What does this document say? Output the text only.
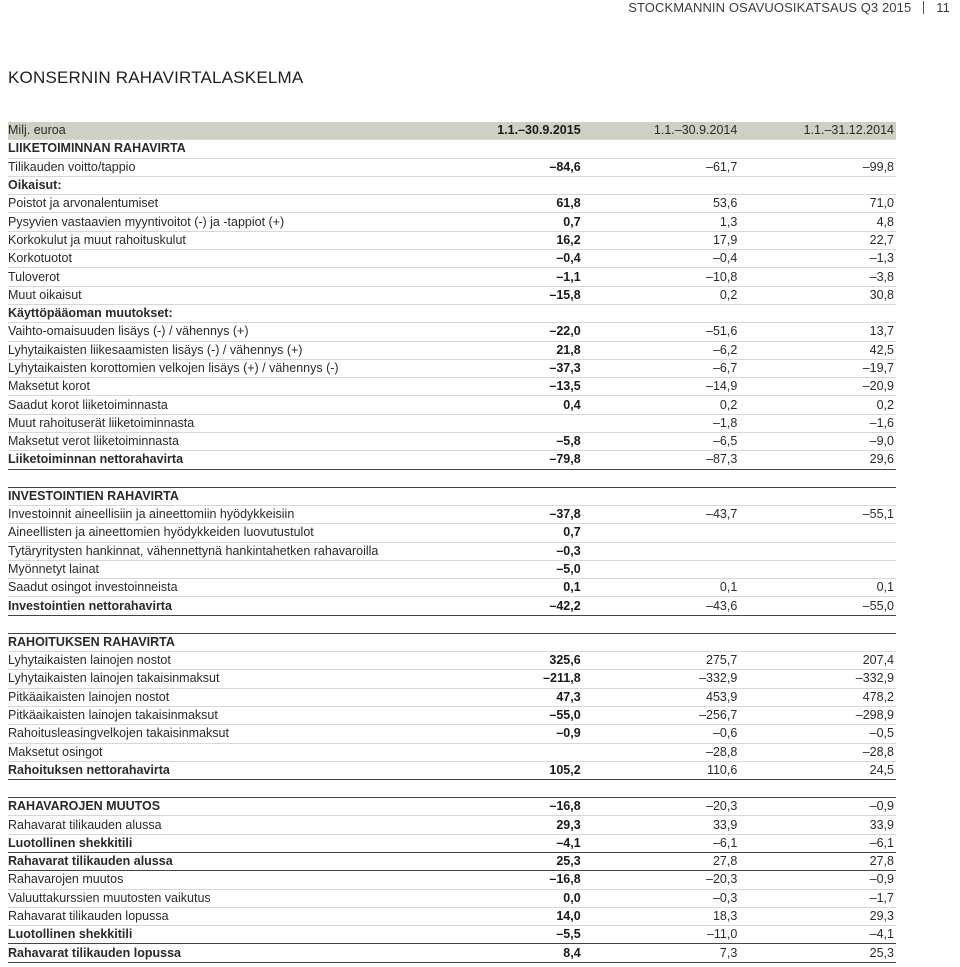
STOCKMANNIN OSAVUOSIKATSAUS Q3 2015 11
KONSERNIN RAHAVIRTALASKELMA
Milj. euroa	1.1.–30.9.2015	1.1.–30.9.2014	1.1.–31.12.2014
LIIKETOIMINNAN RAHAVIRTA			
Tilikauden voitto/tappio	–84,6	–61,7	–99,8
Oikaisut:			
Poistot ja arvonalentumiset	61,8	53,6	71,0
Pysyvien vastaavien myyntivoitot (-) ja -tappiot (+)	0,7	1,3	4,8
Korkokulut ja muut rahoituskulut	16,2	17,9	22,7
Korkotuotot	–0,4	–0,4	–1,3
Tuloverot	–1,1	–10,8	–3,8
Muut oikaisut	–15,8	0,2	30,8
Käyttöpääoman muutokset:			
Vaihto-omaisuuden lisäys (-) / vähennys (+)	–22,0	–51,6	13,7
Lyhytaikaisten liikesaamisten lisäys (-) / vähennys (+)	21,8	–6,2	42,5
Lyhytaikaisten korottomien velkojen lisäys (+) / vähennys (-)	–37,3	–6,7	–19,7
Maksetut korot	–13,5	–14,9	–20,9
Saadut korot liiketoiminnasta	0,4	0,2	0,2
Muut rahoituserät liiketoiminnasta		–1,8	–1,6
Maksetut verot liiketoiminnasta	–5,8	–6,5	–9,0
Liiketoiminnan nettorahavirta	–79,8	–87,3	29,6

INVESTOINTIEN RAHAVIRTA			
Investoinnit aineellisiin ja aineettomiin hyödykkeisiin	–37,8	–43,7	–55,1
Aineellisten ja aineettomien hyödykkeiden luovutustulot	0,7		
Tytäryritysten hankinnat, vähennettynä hankintahetken rahavaroilla	–0,3		
Myönnetyt lainat	–5,0		
Saadut osingot investoinneista	0,1	0,1	0,1
Investointien nettorahavirta	–42,2	–43,6	–55,0

RAHOITUKSEN RAHAVIRTA			
Lyhytaikaisten lainojen nostot	325,6	275,7	207,4
Lyhytaikaisten lainojen takaisinmaksut	–211,8	–332,9	–332,9
Pitkäaikaisten lainojen nostot	47,3	453,9	478,2
Pitkäaikaisten lainojen takaisinmaksut	–55,0	–256,7	–298,9
Rahoitusleasingvelkojen takaisinmaksut	–0,9	–0,6	–0,5
Maksetut osingot		–28,8	–28,8
Rahoituksen nettorahavirta	105,2	110,6	24,5

RAHAVAROJEN MUUTOS	–16,8	–20,3	–0,9
Rahavarat tilikauden alussa	29,3	33,9	33,9
Luotollinen shekkitili	–4,1	–6,1	–6,1
Rahavarat tilikauden alussa	25,3	27,8	27,8
Rahavarojen muutos	–16,8	–20,3	–0,9
Valuuttakurssien muutosten vaikutus	0,0	–0,3	–1,7
Rahavarat tilikauden lopussa	14,0	18,3	29,3
Luotollinen shekkitili	–5,5	–11,0	–4,1
Rahavarat tilikauden lopussa	8,4	7,3	25,3
